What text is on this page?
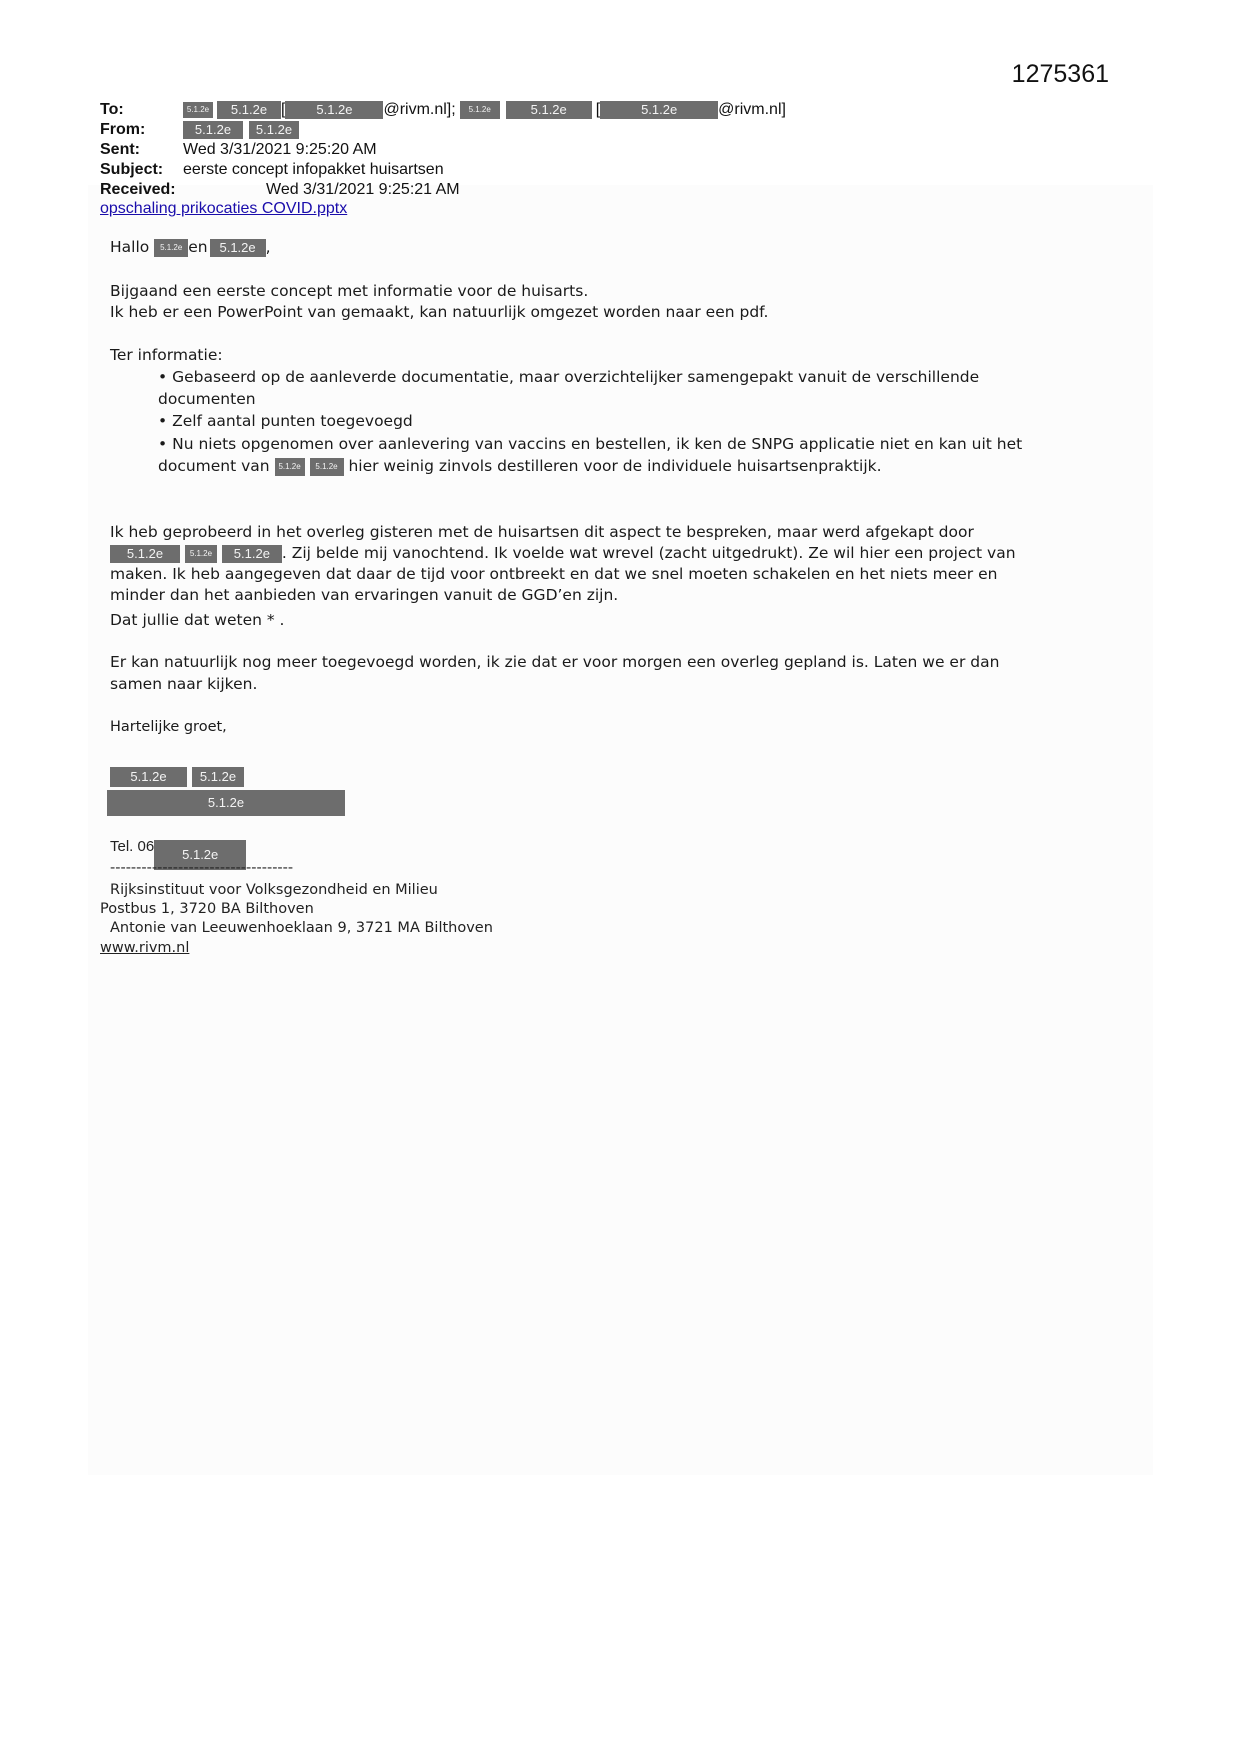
1275361
To:	5.1.2e 5.1.2e [ 5.1.2e @rivm.nl]; 5.1.2e	5.1.2e [	5.1.2e	@rivm.nl]
From:	5.1.2e 5.1.2e
Sent:	Wed 3/31/2021 9:25:20 AM
Subject: eerste concept infopakket huisartsen
Received:	Wed 3/31/2021 9:25:21 AM
opschaling prikocaties COVID.pptx
Hallo 5.1.2e en 5.1.2e ,
Bijgaand een eerste concept met informatie voor de huisarts.
Ik heb er een PowerPoint van gemaakt, kan natuurlijk omgezet worden naar een pdf.
Ter informatie:
• Gebaseerd op de aanleverde documentatie, maar overzichtelijker samengepakt vanuit de verschillende
documenten
• Zelf aantal punten toegevoegd
• Nu niets opgenomen over aanlevering van vaccins en bestellen, ik ken de SNPG applicatie niet en kan uit het
document van 5.1.2e 5.1.2e hier weinig zinvols destilleren voor de individuele huisartsenpraktijk.
Ik heb geprobeerd in het overleg gisteren met de huisartsen dit aspect te bespreken, maar werd afgekapt door
5.1.2e	5.1.2e 5.1.2e . Zij belde mij vanochtend. Ik voelde wat wrevel (zacht uitgedrukt). Ze wil hier een project van
maken. Ik heb aangegeven dat daar de tijd voor ontbreekt en dat we snel moeten schakelen en het niets meer en
minder dan het aanbieden van ervaringen vanuit de GGD’en zijn.
Dat jullie dat weten * .
Er kan natuurlijk nog meer toegevoegd worden, ik zie dat er voor morgen een overleg gepland is. Laten we er dan
samen naar kijken.
Hartelijke groet,
5.1.2e	5.1.2e
5.1.2e
Tel. 06 5.1.2e
-----------------------------------
Rijksinstituut voor Volksgezondheid en Milieu
Postbus 1, 3720 BA Bilthoven
Antonie van Leeuwenhoeklaan 9, 3721 MA Bilthoven
www.rivm.nl
